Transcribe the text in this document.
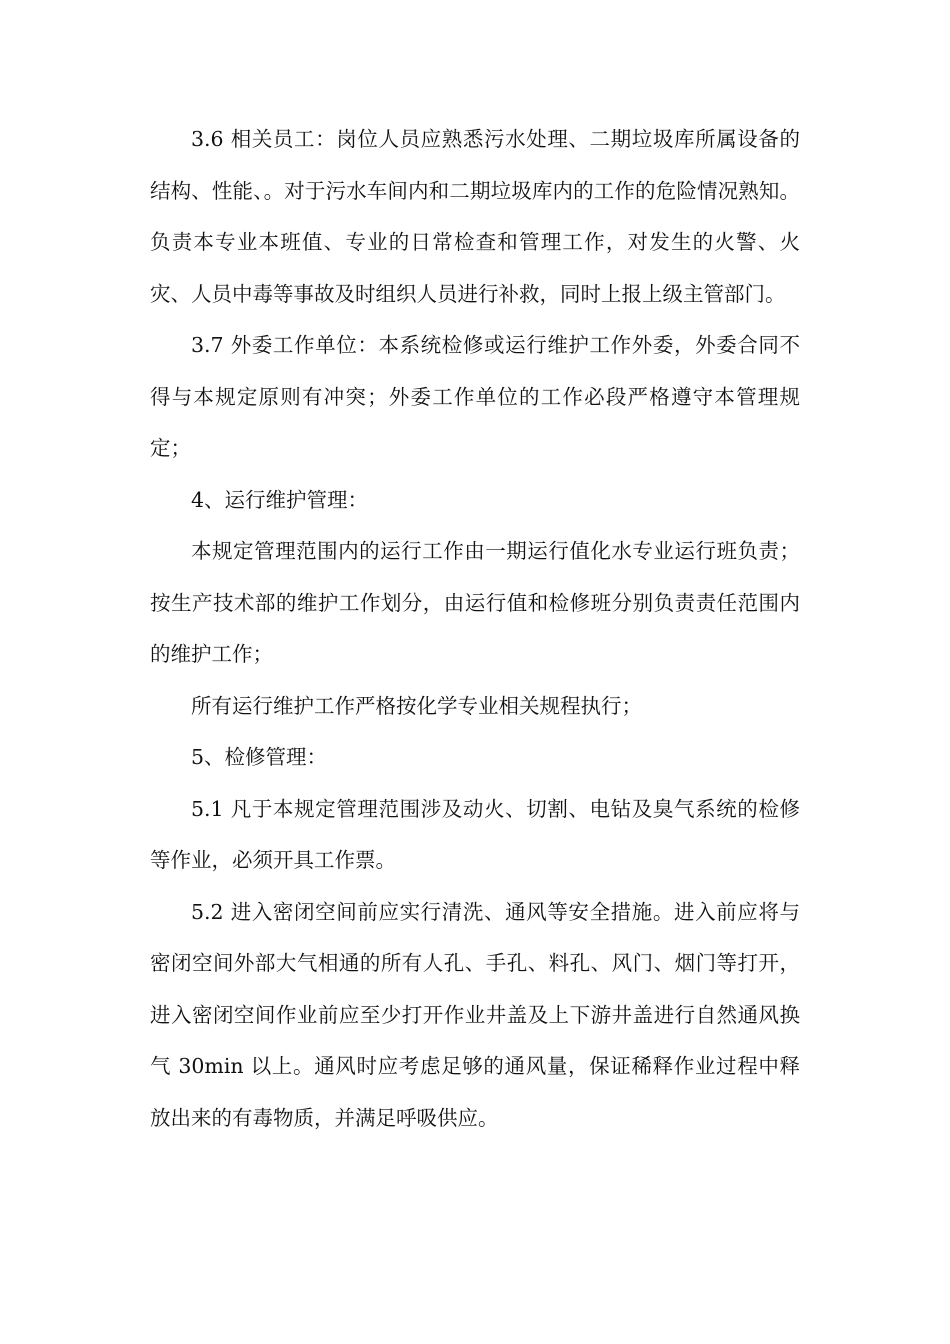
3.6 相关员工：岗位人员应熟悉污水处理、二期垃圾库所属设备的结构、性能、。对于污水车间内和二期垃圾库内的工作的危险情况熟知。负责本专业本班值、专业的日常检查和管理工作，对发生的火警、火灾、人员中毒等事故及时组织人员进行补救，同时上报上级主管部门。

3.7 外委工作单位：本系统检修或运行维护工作外委，外委合同不得与本规定原则有冲突；外委工作单位的工作必段严格遵守本管理规定；

4、运行维护管理：

本规定管理范围内的运行工作由一期运行值化水专业运行班负责；按生产技术部的维护工作划分，由运行值和检修班分别负责责任范围内的维护工作；

所有运行维护工作严格按化学专业相关规程执行；

5、检修管理：

5.1 凡于本规定管理范围涉及动火、切割、电钻及臭气系统的检修等作业，必须开具工作票。

5.2 进入密闭空间前应实行清洗、通风等安全措施。进入前应将与密闭空间外部大气相通的所有人孔、手孔、料孔、风门、烟门等打开，进入密闭空间作业前应至少打开作业井盖及上下游井盖进行自然通风换气 30min 以上。通风时应考虑足够的通风量，保证稀释作业过程中释放出来的有毒物质，并满足呼吸供应。
